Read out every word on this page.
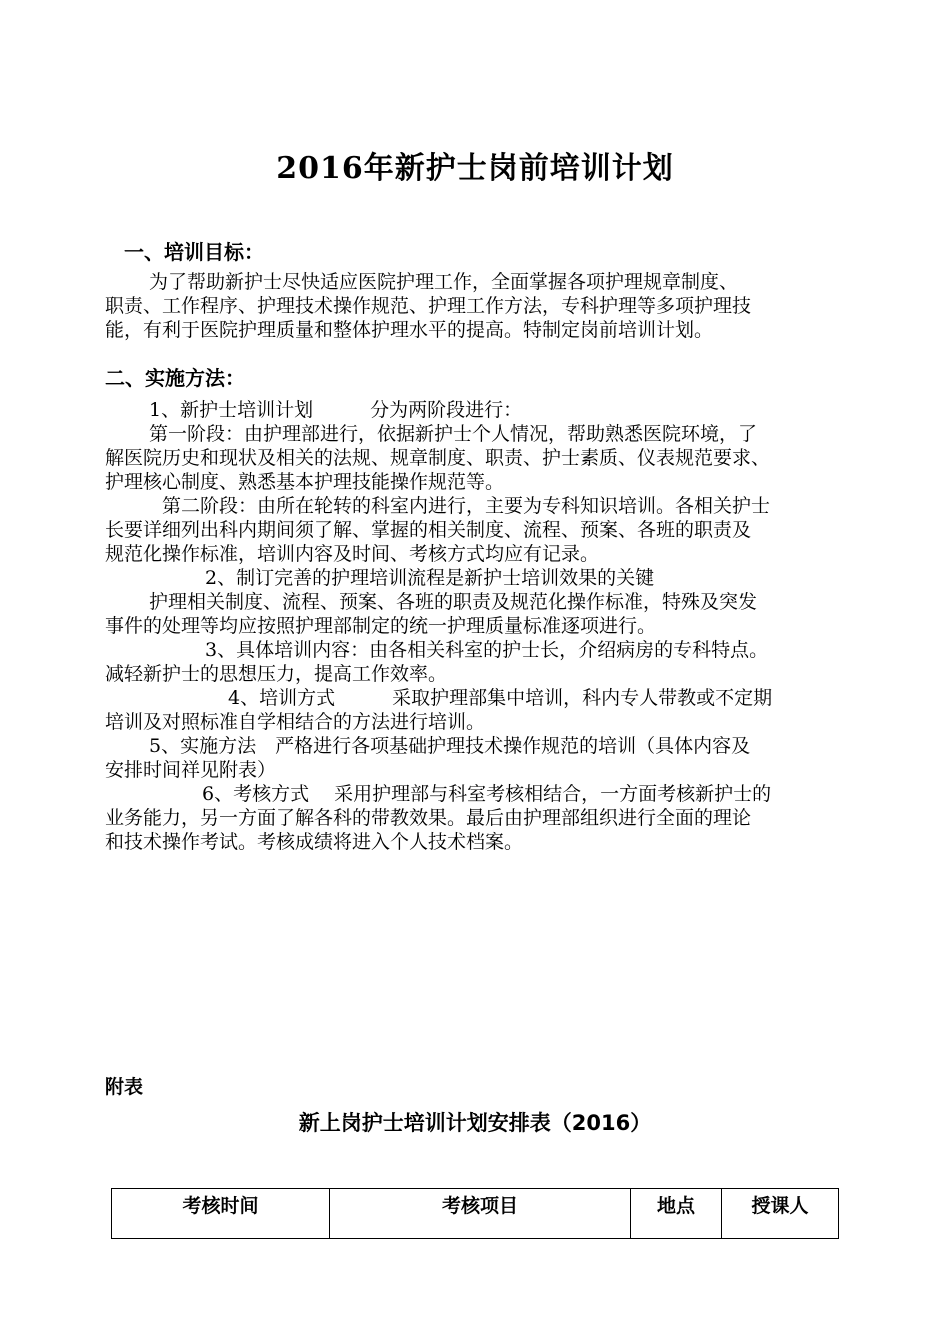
2016年新护士岗前培训计划
一、培训目标：
为了帮助新护士尽快适应医院护理工作，全面掌握各项护理规章制度、
职责、工作程序、护理技术操作规范、护理工作方法，专科护理等多项护理技
能，有利于医院护理质量和整体护理水平的提高。特制定岗前培训计划。
二、实施方法：
1、新护士培训计划　　　分为两阶段进行：
第一阶段：由护理部进行，依据新护士个人情况，帮助熟悉医院环境，了
解医院历史和现状及相关的法规、规章制度、职责、护士素质、仪表规范要求、
护理核心制度、熟悉基本护理技能操作规范等。
第二阶段：由所在轮转的科室内进行，主要为专科知识培训。各相关护士
长要详细列出科内期间须了解、掌握的相关制度、流程、预案、各班的职责及
规范化操作标准，培训内容及时间、考核方式均应有记录。
2、制订完善的护理培训流程是新护士培训效果的关键
护理相关制度、流程、预案、各班的职责及规范化操作标准，特殊及突发
事件的处理等均应按照护理部制定的统一护理质量标准逐项进行。
3、具体培训内容：由各相关科室的护士长，介绍病房的专科特点。
减轻新护士的思想压力，提高工作效率。
4、培训方式　　　采取护理部集中培训，科内专人带教或不定期
培训及对照标准自学相结合的方法进行培训。
5、实施方法　严格进行各项基础护理技术操作规范的培训（具体内容及
安排时间祥见附表）
6、考核方式　 采用护理部与科室考核相结合，一方面考核新护士的
业务能力，另一方面了解各科的带教效果。最后由护理部组织进行全面的理论
和技术操作考试。考核成绩将进入个人技术档案。
附表
新上岗护士培训计划安排表（2016）
考核时间	考核项目	地点	授课人
